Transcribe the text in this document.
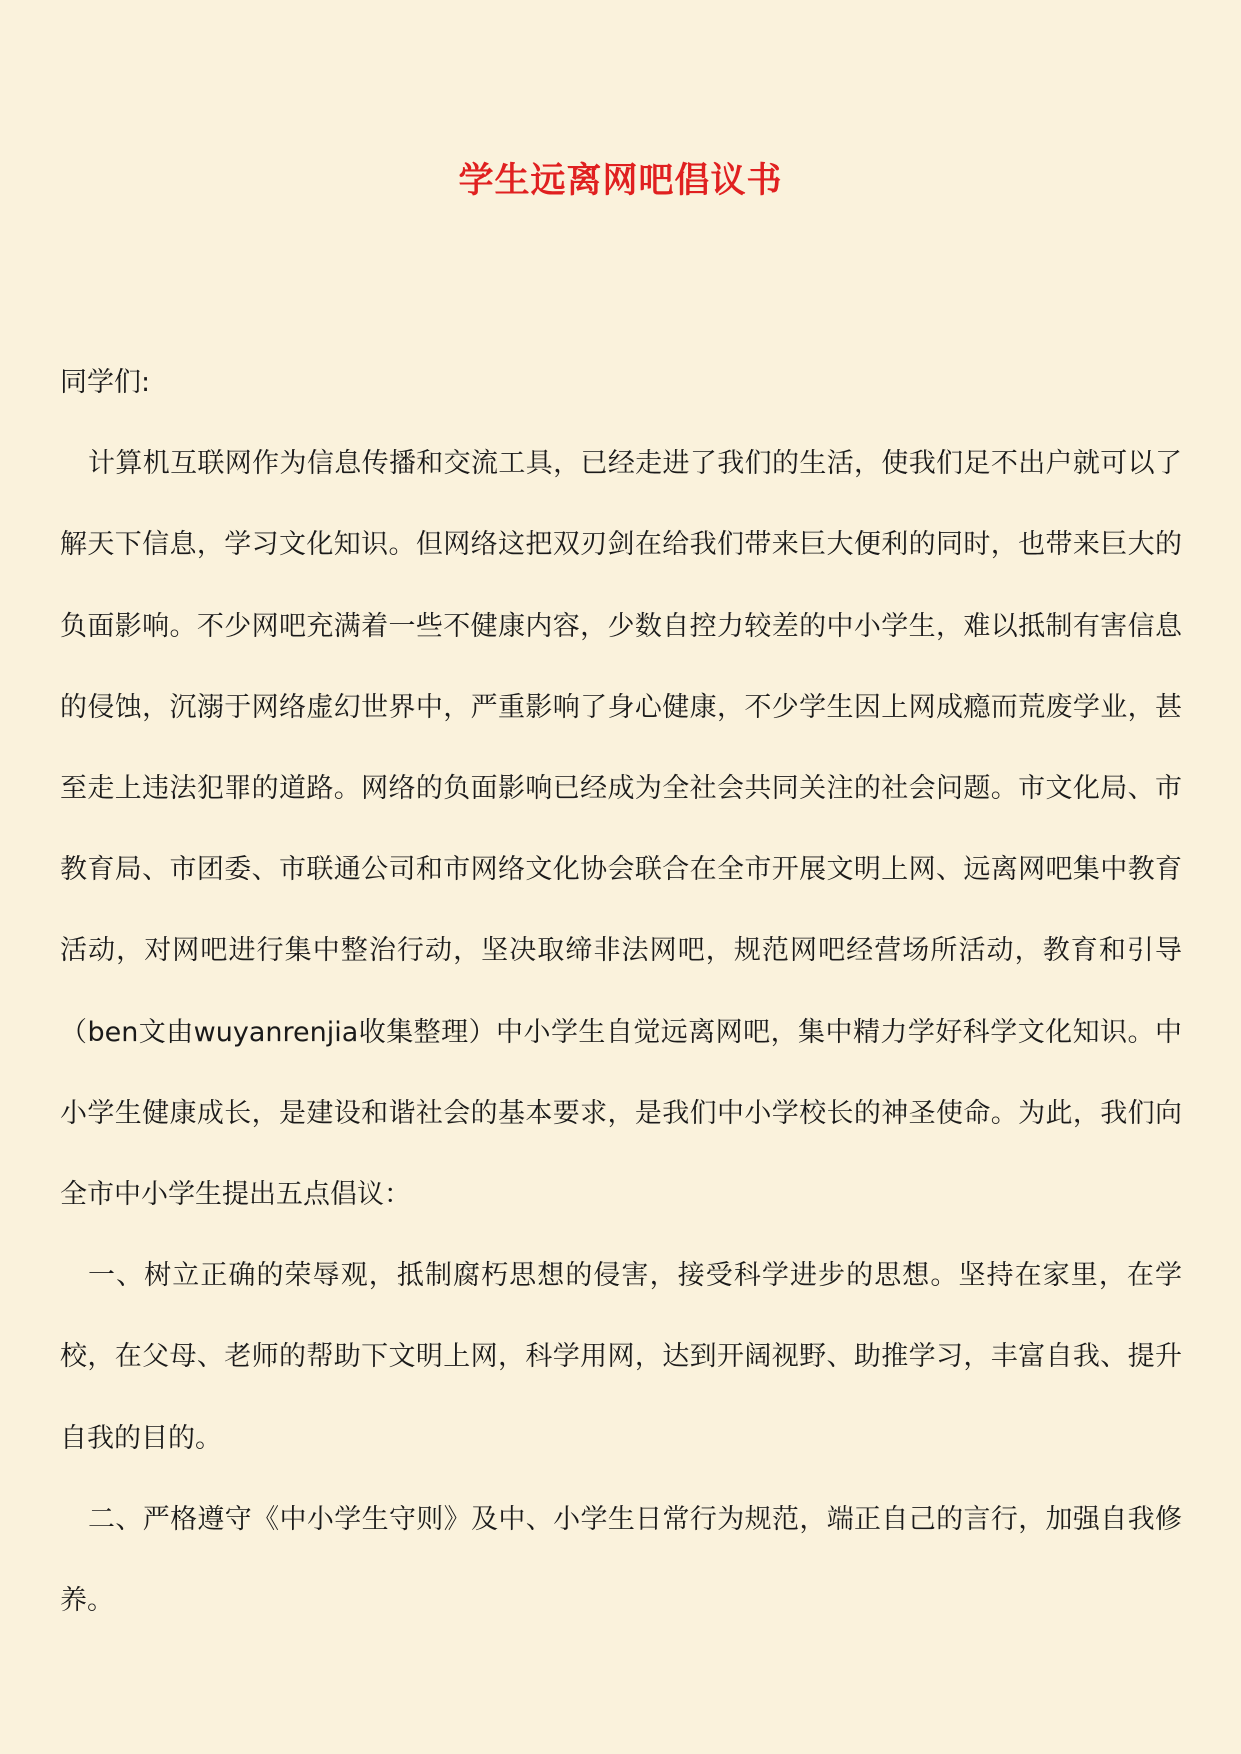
学生远离网吧倡议书

同学们:

计算机互联网作为信息传播和交流工具，已经走进了我们的生活，使我们足不出户就可以了解天下信息，学习文化知识。但网络这把双刃剑在给我们带来巨大便利的同时，也带来巨大的负面影响。不少网吧充满着一些不健康内容，少数自控力较差的中小学生，难以抵制有害信息的侵蚀，沉溺于网络虚幻世界中，严重影响了身心健康，不少学生因上网成瘾而荒废学业，甚至走上违法犯罪的道路。网络的负面影响已经成为全社会共同关注的社会问题。市文化局、市教育局、市团委、市联通公司和市网络文化协会联合在全市开展文明上网、远离网吧集中教育活动，对网吧进行集中整治行动，坚决取缔非法网吧，规范网吧经营场所活动，教育和引导（ben文由wuyanrenjia收集整理）中小学生自觉远离网吧，集中精力学好科学文化知识。中小学生健康成长，是建设和谐社会的基本要求，是我们中小学校长的神圣使命。为此，我们向全市中小学生提出五点倡议：

一、树立正确的荣辱观，抵制腐朽思想的侵害，接受科学进步的思想。坚持在家里，在学校，在父母、老师的帮助下文明上网，科学用网，达到开阔视野、助推学习，丰富自我、提升自我的目的。

二、严格遵守《中小学生守则》及中、小学生日常行为规范，端正自己的言行，加强自我修养。
